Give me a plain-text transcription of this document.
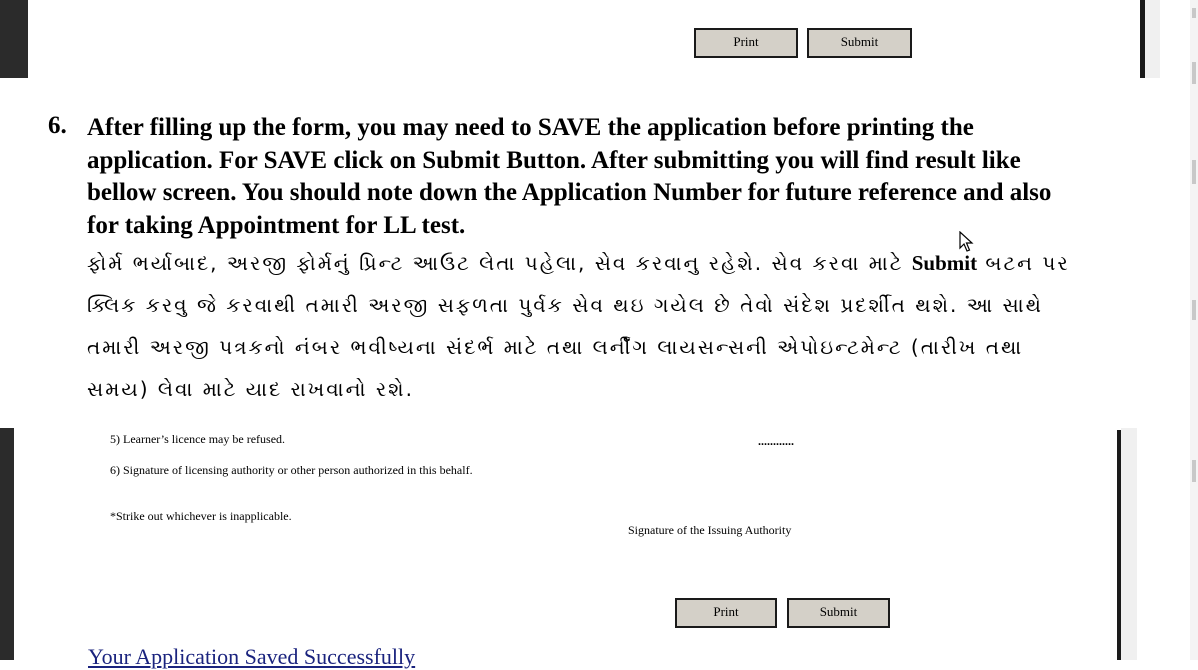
Print	Submit
6. After filling up the form, you may need to SAVE the application before printing the application. For SAVE click on Submit Button. After submitting you will find result like bellow screen. You should note down the Application Number for future reference and also for taking Appointment for LL test.
ફોર્મ ભર્યાબાદ, અરજી ફોર્મનું પ્રિન્ટ આઉટ લેતા પહેલા, સેવ કરવાનુ રહેશે. સેવ કરવા માટે Submit બટન પર ક્લિક કરવુ જે કરવાથી તમારી અરજી સફળતા પુર્વક સેવ થઇ ગયેલ છે તેવો સંદેશ પ્રદર્શીત થશે. આ સાથે તમારી અરજી પત્રકનો નંબર ભવીષ્યના સંદર્ભ માટે તથા લર્નીંગ લાયસન્સની એપોઇન્ટમેન્ટ (તારીખ તથા સમય) લેવા માટે યાદ રાખવાનો રશે.
5) Learner’s licence may be refused.	............
6) Signature of licensing authority or other person authorized in this behalf.
*Strike out whichever is inapplicable.
Signature of the Issuing Authority
Print	Submit
Your Application Saved Successfully
